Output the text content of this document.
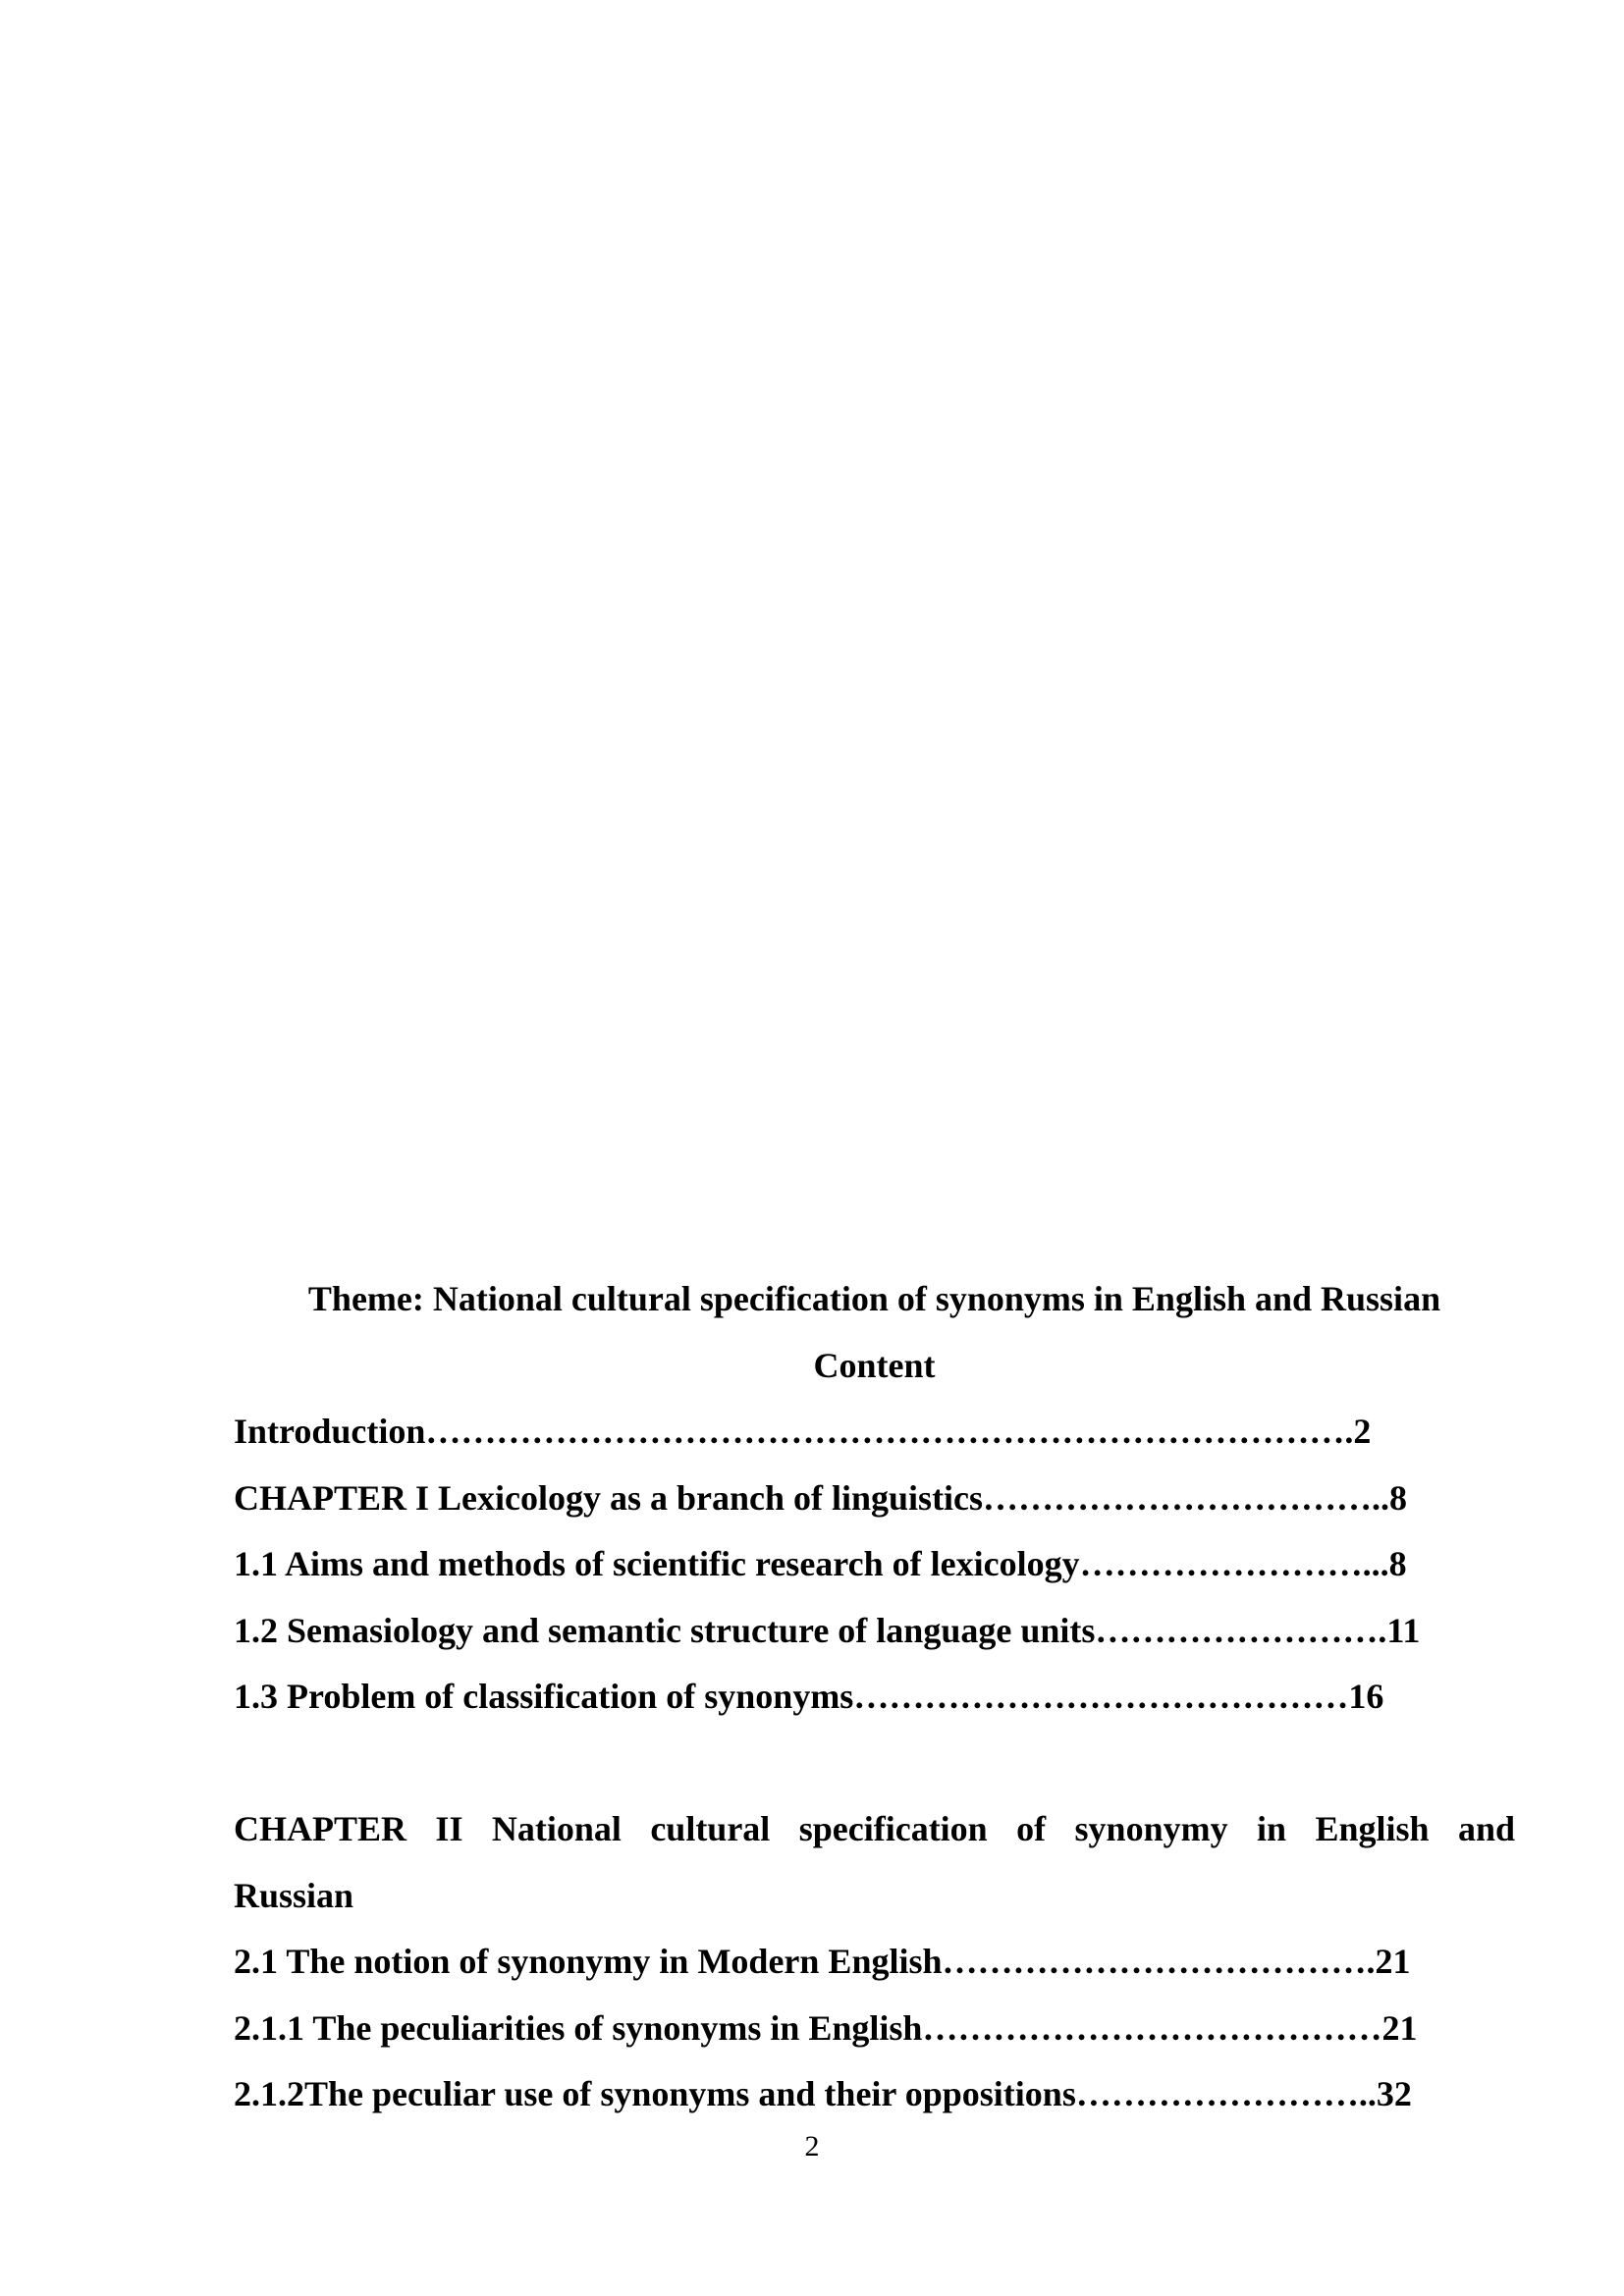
Theme: National cultural specification of synonyms in English and Russian
Content
Introduction…………………………………………………………………….2
CHAPTER I Lexicology as a branch of linguistics……………………………..8
1.1 Aims and methods of scientific research of lexicology……………………...8
1.2 Semasiology and semantic structure of language units…………………….11
1.3 Problem of classification of synonyms……………………………………16
CHAPTER II National cultural specification of synonymy in English and
Russian
2.1 The notion of synonymy in Modern English……………………………….21
2.1.1 The peculiarities of synonyms in English…………………………………21
2.1.2The peculiar use of synonyms and their oppositions……………………..32
2
